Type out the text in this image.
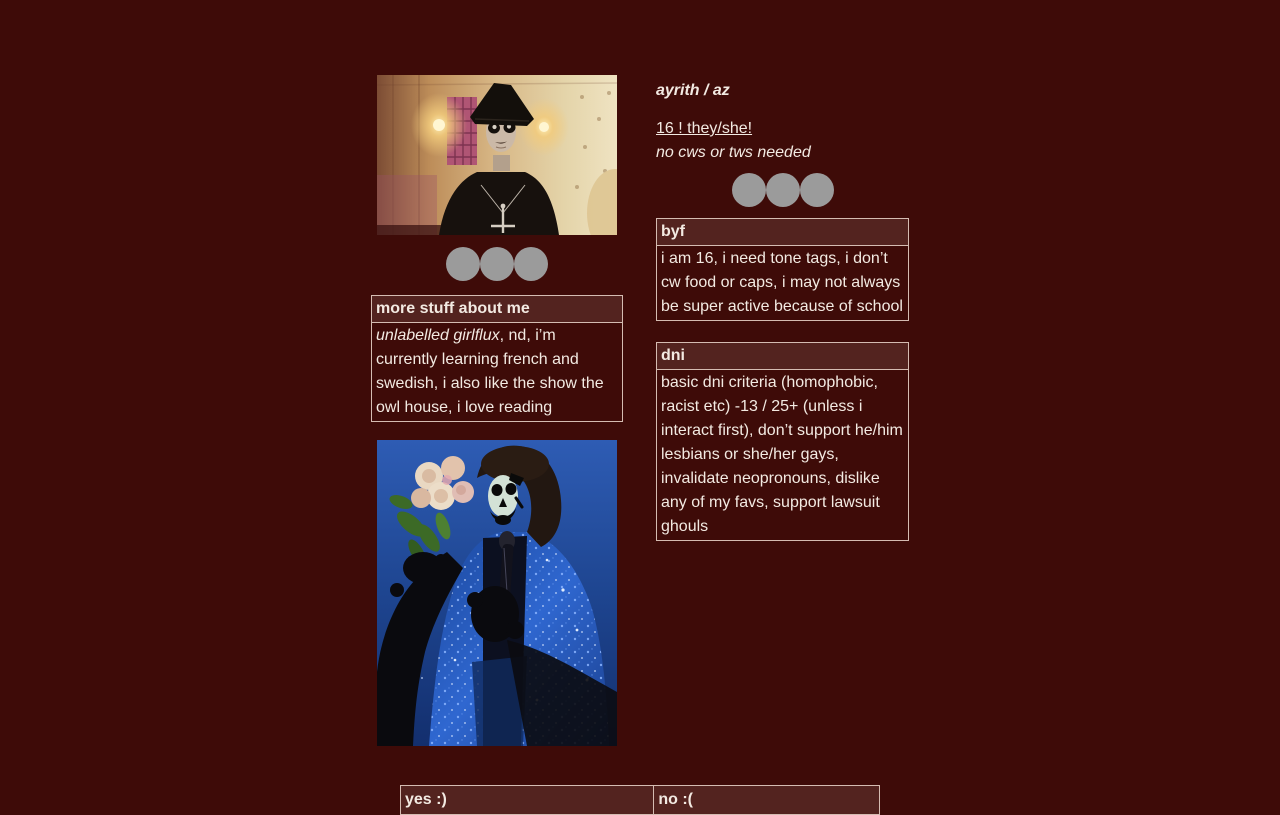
more stuff about me
unlabelled girlflux, nd, i’m currently learning french and swedish, i also like the show the owl house, i love reading

ayrith / az

16 ! they/she!

no cws or tws needed

byf
i am 16, i need tone tags, i don’t cw food or caps, i may not always be super active because of school
dni
basic dni criteria (homophobic, racist etc) -13 / 25+ (unless i interact first), don’t support he/him lesbians or she/her gays, invalidate neopronouns, dislike any of my favs, support lawsuit ghouls
yes :)	no :(
